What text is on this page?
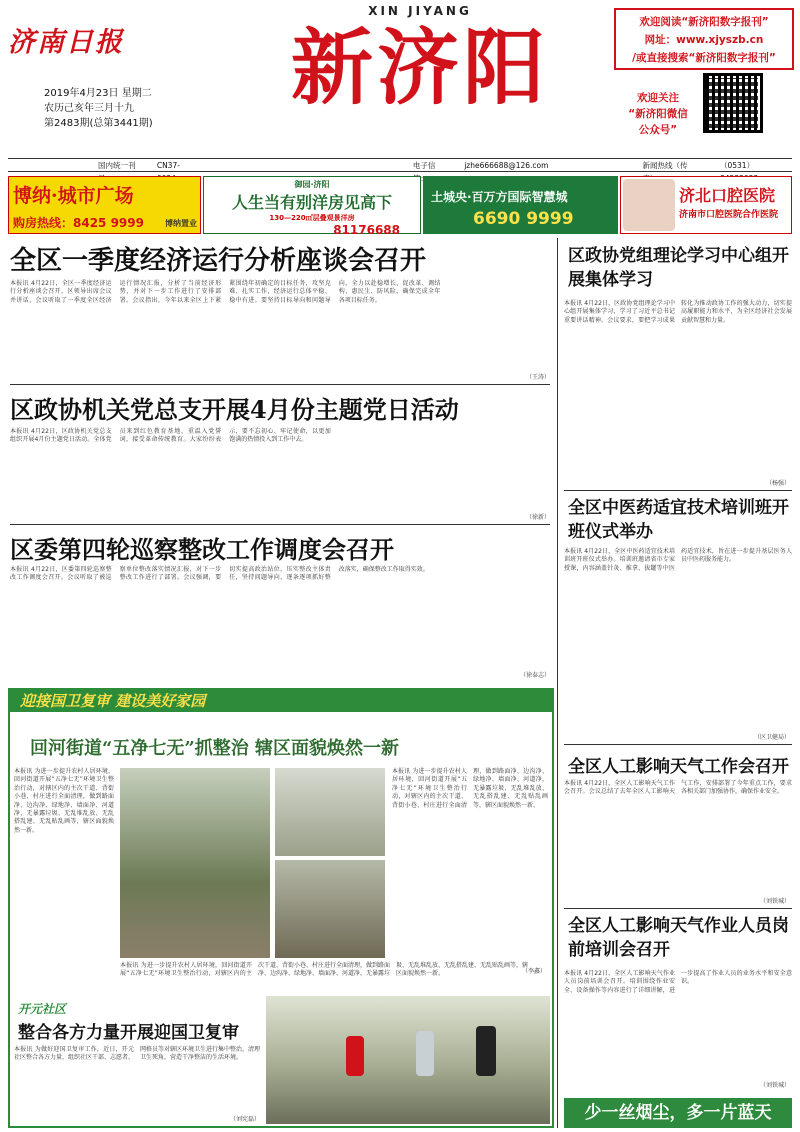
济南日报
XIN JIYANG
新济阳
2019年4月23日 星期二
农历己亥年三月十九
第2483期(总第3441期)
欢迎阅读“新济阳数字报刊”
网址：www.xjyszb.cn
/或直接搜索“新济阳数字报刊”
欢迎关注
“新济阳微信
公众号”
国内统一刊	CN37-	电子信	jzhe666688@126.com	新闻热线（传	（0531）
博纳·城市广场
购房热线：8425 9999	博纳置业
御园·济阳
人生当有别洋房见高下
130—220㎡层叠观景洋房
81176688
土城央·百万方国际智慧城
6690 9999
济北口腔医院
济南市口腔医院合作医院
全区一季度经济运行分析座谈会召开
本报讯 4月22日，全区一季度经济运行分析座谈会召开，区领导出席会议并讲话，会议听取了一季度全区经济运行情况汇报，分析了当前经济形势，并对下一步工作进行了安排部署。会议指出，今年以来全区上下紧紧围绕年初确定的目标任务，攻坚克难、扎实工作，经济运行总体平稳、稳中有进。要坚持目标导向和问题导向，全力以赴稳增长、促改革、调结构、惠民生、防风险，确保完成全年各项目标任务。
（王涛）
区政协机关党总支开展4月份主题党日活动
本报讯 4月22日，区政协机关党总支组织开展4月份主题党日活动。全体党员来到红色教育基地，重温入党誓词，接受革命传统教育。大家纷纷表示，要不忘初心、牢记使命，以更加饱满的热情投入到工作中去。
（徐新）
区委第四轮巡察整改工作调度会召开
本报讯 4月22日，区委第四轮巡察整改工作调度会召开。会议听取了被巡察单位整改落实情况汇报，对下一步整改工作进行了部署。会议强调，要切实提高政治站位，压实整改主体责任，坚持问题导向，逐条逐项抓好整改落实，确保整改工作取得实效。
（徐泰志）
区政协党组理论学习中心组开展集体学习
本报讯 4月22日，区政协党组理论学习中心组开展集体学习，学习了习近平总书记重要讲话精神。会议要求，要把学习成果转化为推动政协工作的强大动力，切实提高履职能力和水平，为全区经济社会发展贡献智慧和力量。
（杨强）
全区中医药适宜技术培训班开班仪式举办
本报讯 4月22日，全区中医药适宜技术培训班开班仪式举办。培训班邀请省市专家授课，内容涵盖针灸、推拿、拔罐等中医药适宜技术，旨在进一步提升基层医务人员中医药服务能力。
（区卫健局）
全区人工影响天气工作会召开
本报讯 4月22日，全区人工影响天气工作会召开。会议总结了去年全区人工影响天气工作，安排部署了今年重点工作，要求各相关部门加强协作，确保作业安全。
（刘铁城）
全区人工影响天气作业人员岗前培训会召开
本报讯 4月22日，全区人工影响天气作业人员岗前培训会召开。培训围绕作业安全、设备操作等内容进行了详细讲解，进一步提高了作业人员的业务水平和安全意识。
（刘铁城）
迎接国卫复审 建设美好家园
回河街道“五净七无”抓整治 辖区面貌焕然一新
本报讯 为进一步提升农村人居环境，回河街道开展“五净七无”环境卫生整治行动，对辖区内的主次干道、背街小巷、村庄进行全面清理，做到路面净、边沟净、绿地净、墙面净、河道净，无暴露垃圾、无乱堆乱放、无乱搭乱建、无乱贴乱画等，辖区面貌焕然一新。
本报讯 为进一步提升农村人居环境，回河街道开展“五净七无”环境卫生整治行动，对辖区内的主次干道、背街小巷、村庄进行全面清理，做到路面净、边沟净、绿地净、墙面净、河道净，无暴露垃圾、无乱堆乱放、无乱搭乱建、无乱贴乱画等，辖区面貌焕然一新。
本报讯 为进一步提升农村人居环境，回河街道开展“五净七无”环境卫生整治行动，对辖区内的主次干道、背街小巷、村庄进行全面清理，做到路面净、边沟净、绿地净、墙面净、河道净，无暴露垃圾、无乱堆乱放、无乱搭乱建、无乱贴乱画等，辖区面貌焕然一新。	（李鑫）
开元社区
整合各方力量开展迎国卫复审
本报讯 为做好迎国卫复审工作，近日，开元社区整合各方力量，组织社区干部、志愿者、网格员等对辖区环境卫生进行集中整治，清理卫生死角，营造干净整洁的生活环境。
（刘宪磊）	少一丝烟尘，多一片蓝天
